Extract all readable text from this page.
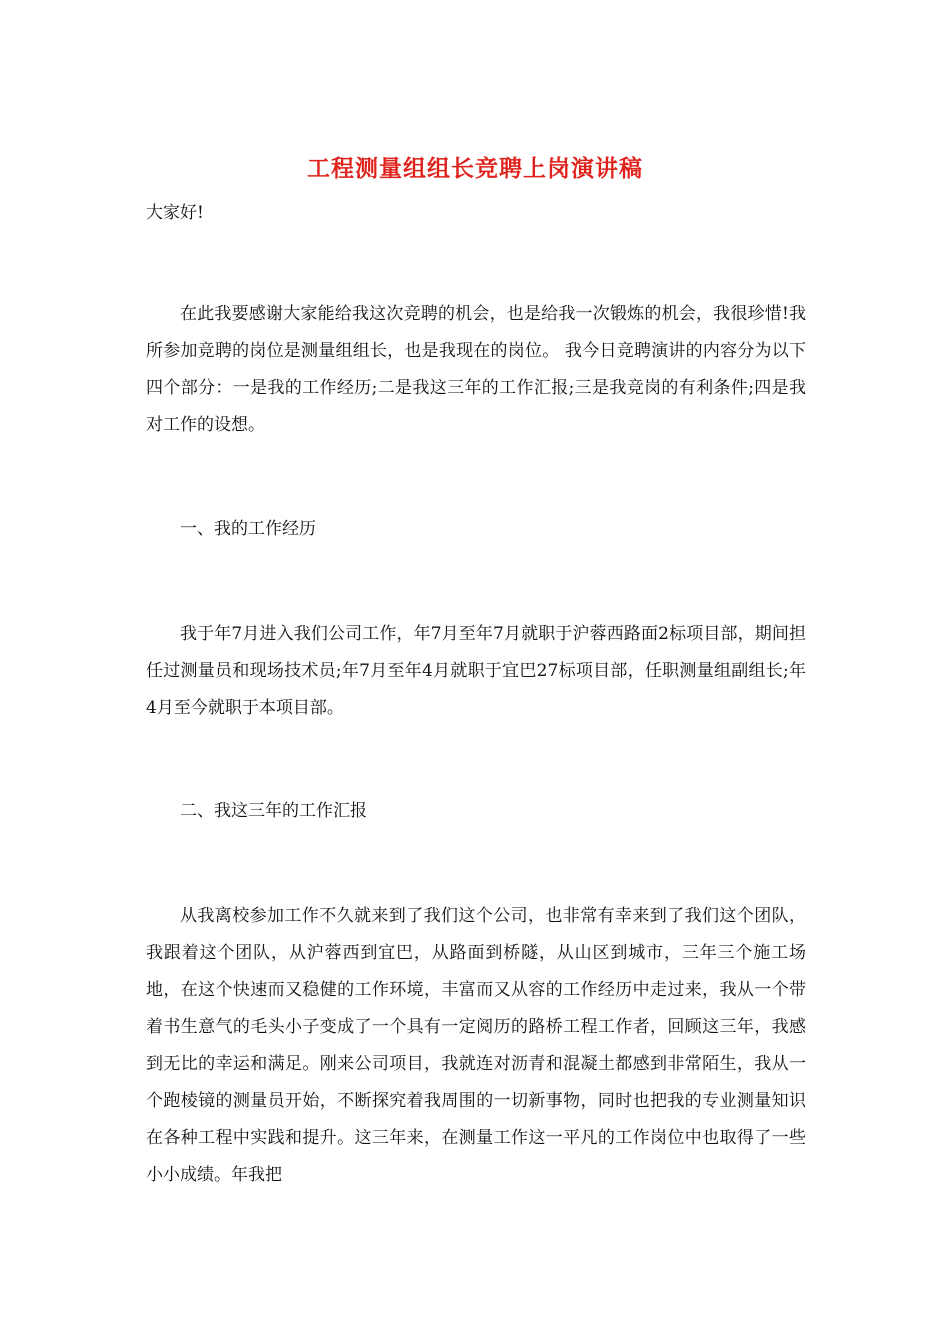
工程测量组组长竞聘上岗演讲稿

大家好!

在此我要感谢大家能给我这次竞聘的机会，也是给我一次锻炼的机会，我很珍惜!我所参加竞聘的岗位是测量组组长，也是我现在的岗位。 我今日竞聘演讲的内容分为以下四个部分：一是我的工作经历;二是我这三年的工作汇报;三是我竞岗的有利条件;四是我对工作的设想。

一、我的工作经历

我于年7月进入我们公司工作，年7月至年7月就职于沪蓉西路面2标项目部，期间担任过测量员和现场技术员;年7月至年4月就职于宜巴27标项目部，任职测量组副组长;年4月至今就职于本项目部。

二、我这三年的工作汇报

从我离校参加工作不久就来到了我们这个公司，也非常有幸来到了我们这个团队，我跟着这个团队，从沪蓉西到宜巴，从路面到桥隧，从山区到城市，三年三个施工场地，在这个快速而又稳健的工作环境，丰富而又从容的工作经历中走过来，我从一个带着书生意气的毛头小子变成了一个具有一定阅历的路桥工程工作者，回顾这三年，我感到无比的幸运和满足。刚来公司项目，我就连对沥青和混凝土都感到非常陌生，我从一个跑棱镜的测量员开始，不断探究着我周围的一切新事物，同时也把我的专业测量知识在各种工程中实践和提升。这三年来，在测量工作这一平凡的工作岗位中也取得了一些小小成绩。年我把
